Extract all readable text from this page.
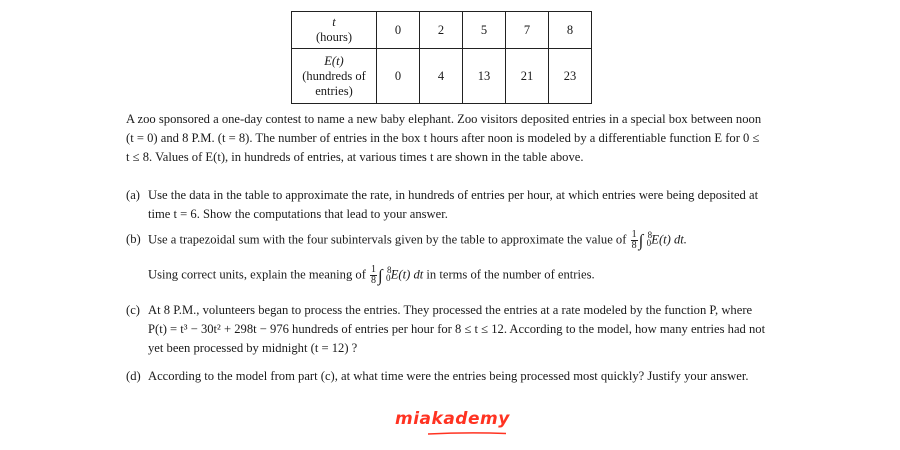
t
(hours)	0	2	5	7	8

E(t)
(hundreds of
entries)	0	4	13	21	23

A zoo sponsored a one-day contest to name a new baby elephant. Zoo visitors deposited entries in a special box between noon (t = 0) and 8 P.M. (t = 8). The number of entries in the box t hours after noon is modeled by a differentiable function E for 0 ≤ t ≤ 8. Values of E(t), in hundreds of entries, at various times t are shown in the table above.

(a) Use the data in the table to approximate the rate, in hundreds of entries per hour, at which entries were being deposited at time t = 6. Show the computations that lead to your answer.
(b) Use a trapezoidal sum with the four subintervals given by the table to approximate the value of $\frac{1}{8}$ ∫ 8
0 E(t) dt.
Using correct units, explain the meaning of $\frac{1}{8}$ ∫ 8
0 E(t) dt in terms of the number of entries.
(c) At 8 P.M., volunteers began to process the entries. They processed the entries at a rate modeled by the function P, where P(t) = t³ − 30t² + 298t − 976 hundreds of entries per hour for 8 ≤ t ≤ 12. According to the model, how many entries had not yet been processed by midnight (t = 12) ?
(d) According to the model from part (c), at what time were the entries being processed most quickly? Justify your answer.
miakademy
